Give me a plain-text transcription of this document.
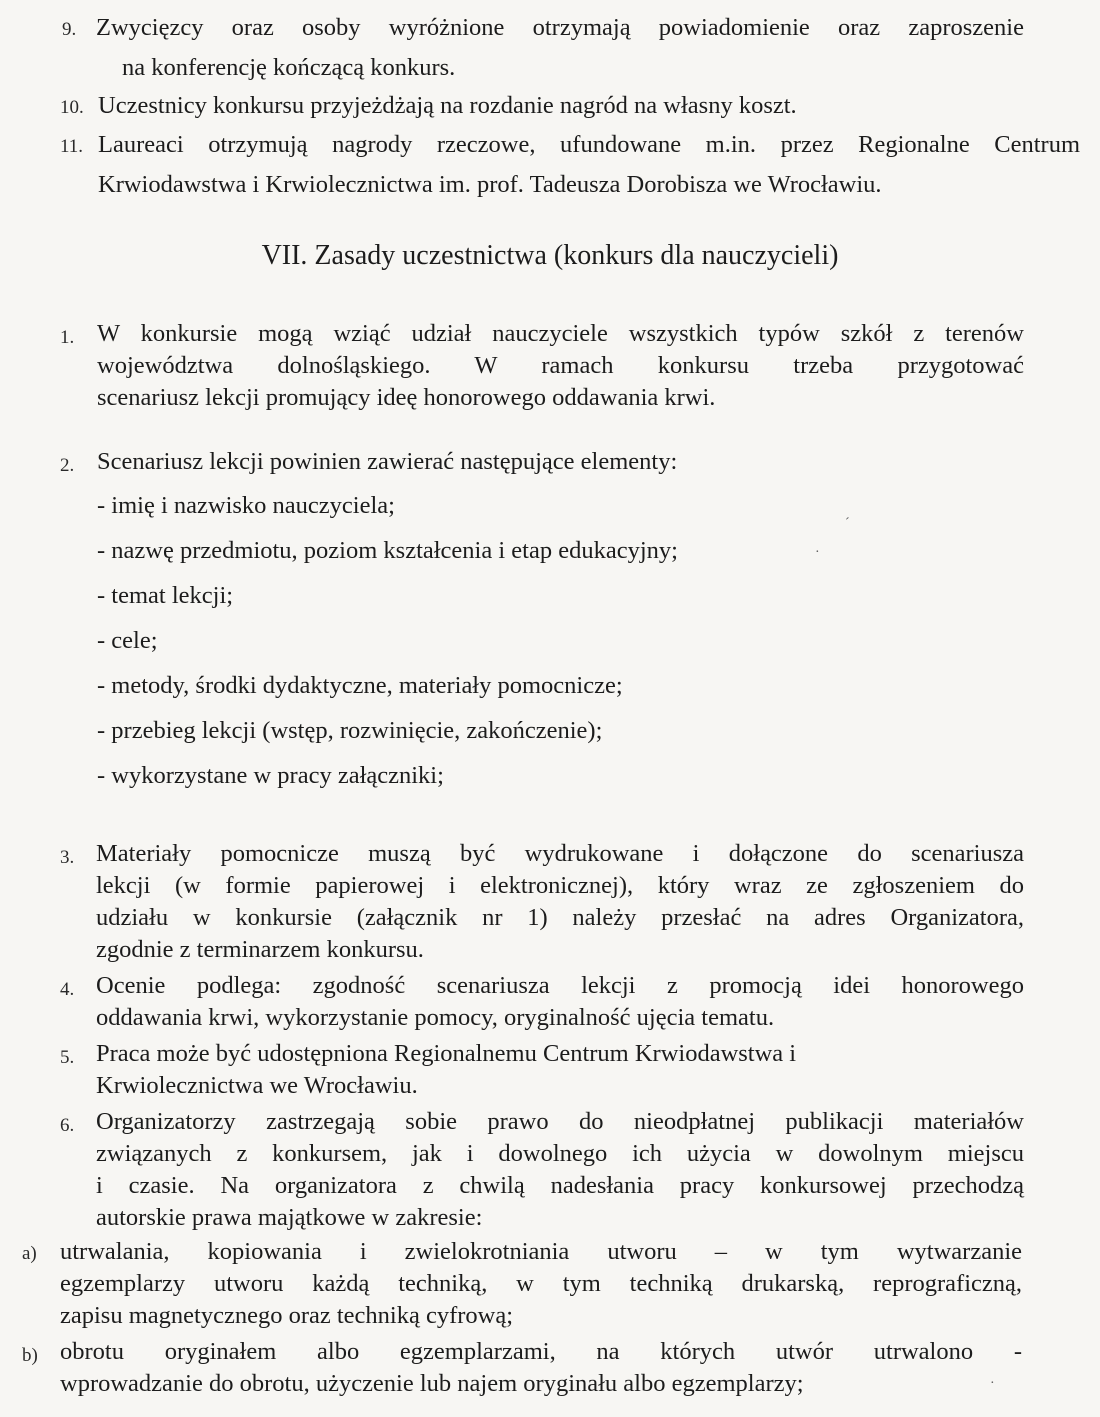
9. Zwycięzcy oraz osoby wyróżnione otrzymają powiadomienie oraz zaproszenie
na konferencję kończącą konkurs.
10. Uczestnicy konkursu przyjeżdżają na rozdanie nagród na własny koszt.
11. Laureaci otrzymują nagrody rzeczowe, ufundowane m.in. przez Regionalne Centrum
Krwiodawstwa i Krwiolecznictwa im. prof. Tadeusza Dorobisza we Wrocławiu.
VII. Zasady uczestnictwa (konkurs dla nauczycieli)
1. W konkursie mogą wziąć udział nauczyciele wszystkich typów szkół z terenów
województwa dolnośląskiego. W ramach konkursu trzeba przygotować
scenariusz lekcji promujący ideę honorowego oddawania krwi.
2. Scenariusz lekcji powinien zawierać następujące elementy:
- imię i nazwisko nauczyciela;
- nazwę przedmiotu, poziom kształcenia i etap edukacyjny;
- temat lekcji;
- cele;
- metody, środki dydaktyczne, materiały pomocnicze;
- przebieg lekcji (wstęp, rozwinięcie, zakończenie);
- wykorzystane w pracy załączniki;
3. Materiały pomocnicze muszą być wydrukowane i dołączone do scenariusza
lekcji (w formie papierowej i elektronicznej), który wraz ze zgłoszeniem do
udziału w konkursie (załącznik nr 1) należy przesłać na adres Organizatora,
zgodnie z terminarzem konkursu.
4. Ocenie podlega: zgodność scenariusza lekcji z promocją idei honorowego
oddawania krwi, wykorzystanie pomocy, oryginalność ujęcia tematu.
5. Praca może być udostępniona Regionalnemu Centrum Krwiodawstwa i
Krwiolecznictwa we Wrocławiu.
6. Organizatorzy zastrzegają sobie prawo do nieodpłatnej publikacji materiałów
związanych z konkursem, jak i dowolnego ich użycia w dowolnym miejscu
i czasie. Na organizatora z chwilą nadesłania pracy konkursowej przechodzą
autorskie prawa majątkowe w zakresie:
a) utrwalania, kopiowania i zwielokrotniania utworu – w tym wytwarzanie
egzemplarzy utworu każdą techniką, w tym techniką drukarską, reprograficzną,
zapisu magnetycznego oraz techniką cyfrową;
b) obrotu oryginałem albo egzemplarzami, na których utwór utrwalono -
wprowadzanie do obrotu, użyczenie lub najem oryginału albo egzemplarzy;
´
·
·
